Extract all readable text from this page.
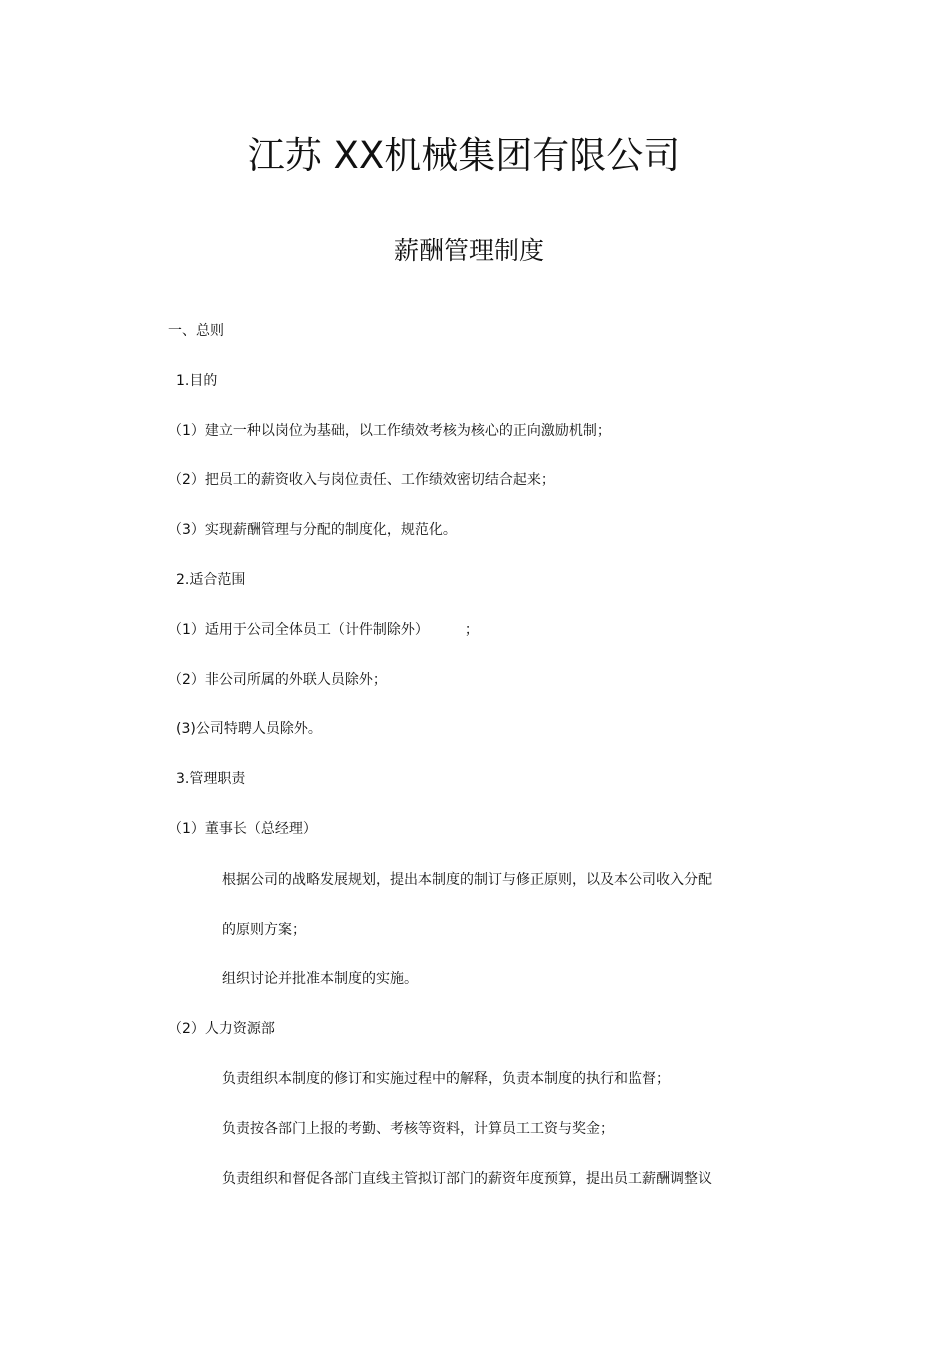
江苏 XX机械集团有限公司
薪酬管理制度
一、总则
1.目的
（1）建立一种以岗位为基础，以工作绩效考核为核心的正向激励机制；
（2）把员工的薪资收入与岗位责任、工作绩效密切结合起来；
（3）实现薪酬管理与分配的制度化，规范化。
2.适合范围
（1）适用于公司全体员工（计件制除外）	；
（2）非公司所属的外联人员除外；
(3)公司特聘人员除外。
3.管理职责
（1）董事长（总经理）
根据公司的战略发展规划，提出本制度的制订与修正原则，以及本公司收入分配
的原则方案；
组织讨论并批准本制度的实施。
（2）人力资源部
负责组织本制度的修订和实施过程中的解释，负责本制度的执行和监督；
负责按各部门上报的考勤、考核等资料，计算员工工资与奖金；
负责组织和督促各部门直线主管拟订部门的薪资年度预算，提出员工薪酬调整议
